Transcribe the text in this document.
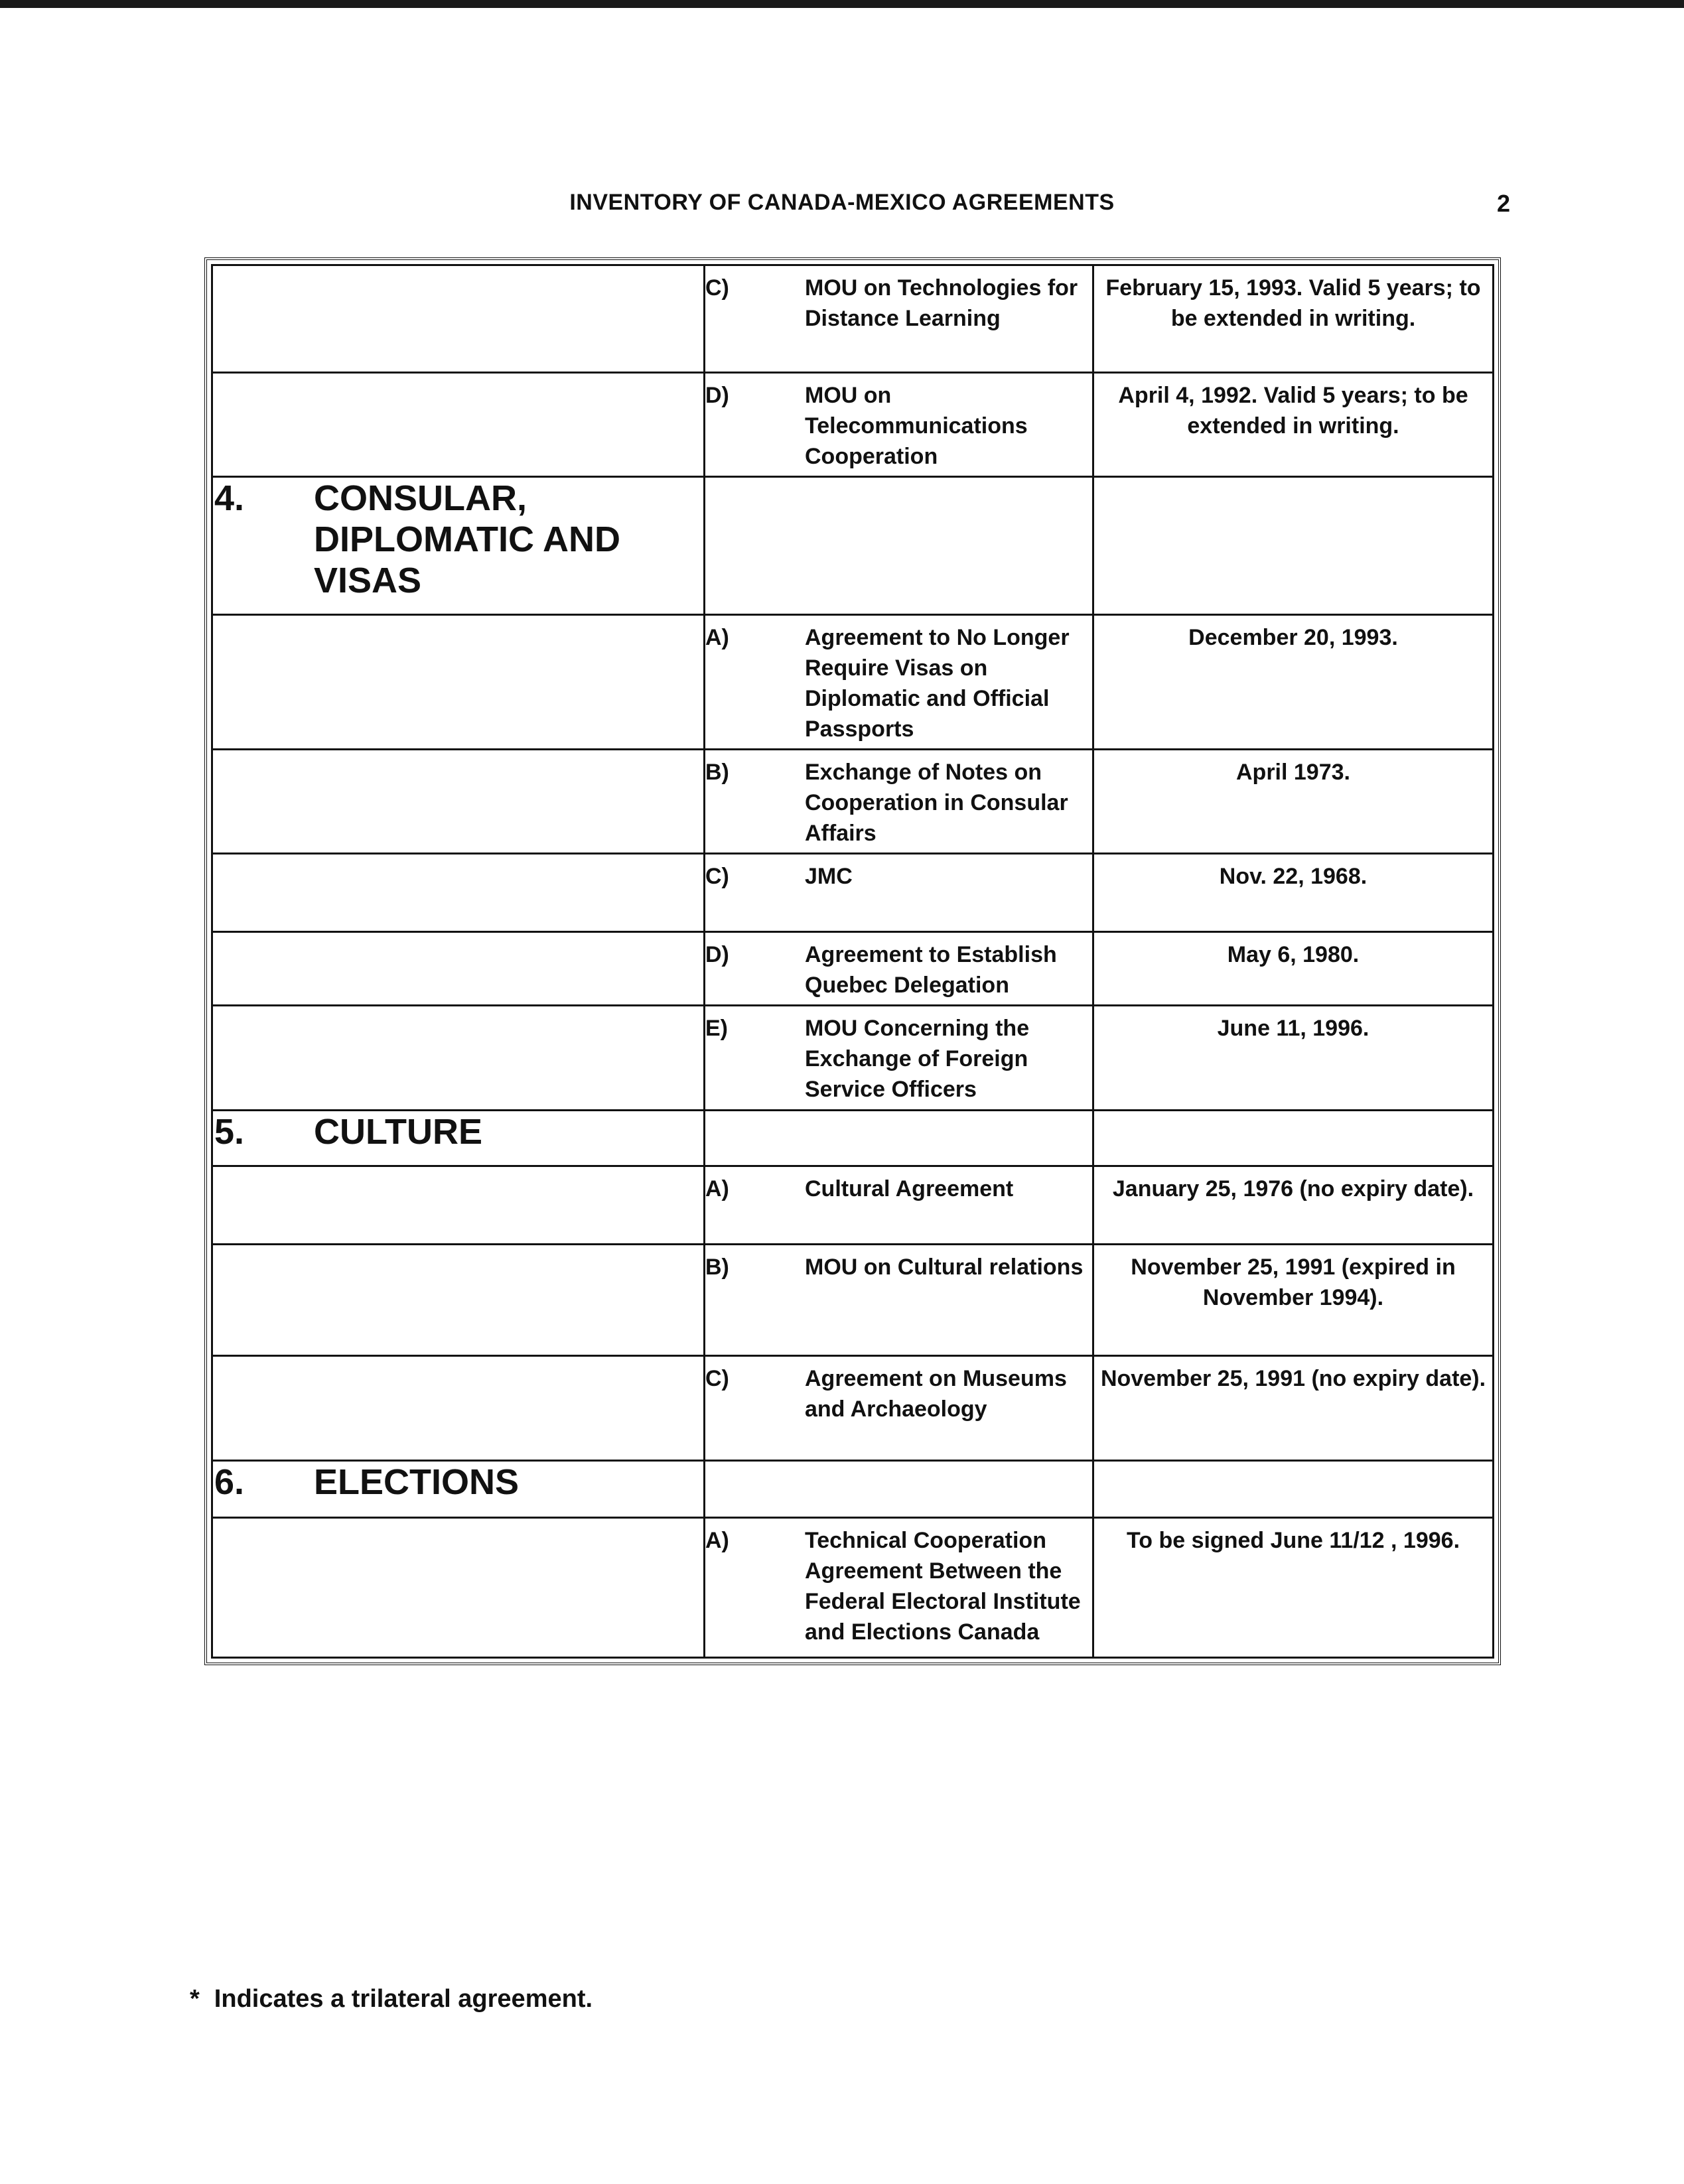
INVENTORY OF CANADA-MEXICO AGREEMENTS	2
	C) MOU on Technologies for Distance Learning	February 15, 1993. Valid 5 years; to be extended in writing.
	D) MOU on Telecommunications Cooperation	April 4, 1992. Valid 5 years; to be extended in writing.
4. CONSULAR, DIPLOMATIC AND VISAS		
	A) Agreement to No Longer Require Visas on Diplomatic and Official Passports	December 20, 1993.
	B) Exchange of Notes on Cooperation in Consular Affairs	April 1973.
	C) JMC	Nov. 22, 1968.
	D) Agreement to Establish Quebec Delegation	May 6, 1980.
	E) MOU Concerning the Exchange of Foreign Service Officers	June 11, 1996.
5. CULTURE		
	A) Cultural Agreement	January 25, 1976 (no expiry date).
	B) MOU on Cultural relations	November 25, 1991 (expired in November 1994).
	C) Agreement on Museums and Archaeology	November 25, 1991 (no expiry date).
6. ELECTIONS		
	A) Technical Cooperation Agreement Between the Federal Electoral Institute and Elections Canada	To be signed June 11/12 , 1996.
* Indicates a trilateral agreement.
